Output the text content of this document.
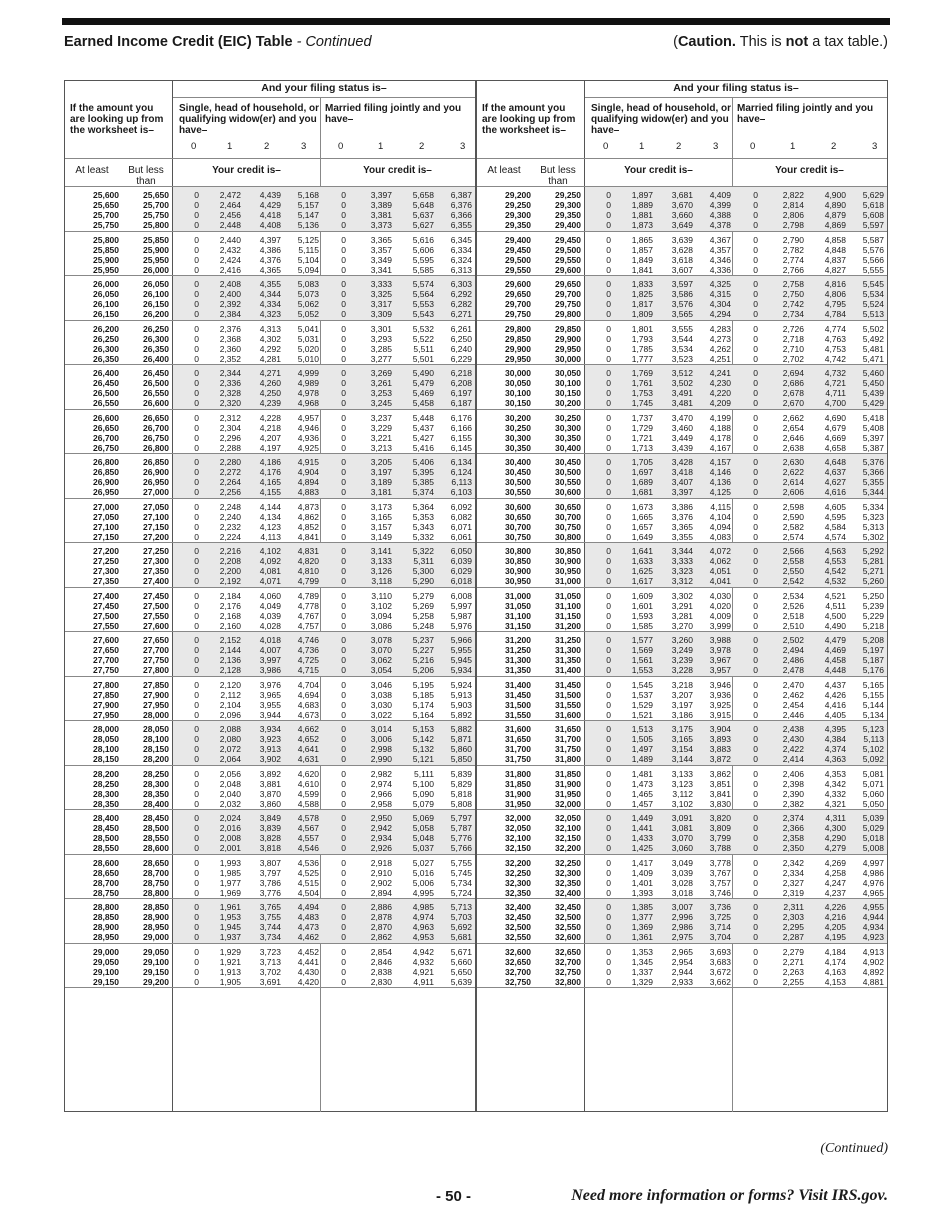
Earned Income Credit (EIC) Table - Continued	(Caution. This is not a tax table.)
And your filing status is–
If the amount you are looking up from the worksheet is–
Single, head of household, or qualifying widow(er) and you have–
Married filing jointly and you have–
0	1	2	3	0	1	2	3
At least	But less than
Your credit is–	Your credit is–
25,600	25,650	0	2,472	4,439	5,168	0	3,397	5,658	6,387
25,650	25,700	0	2,464	4,429	5,157	0	3,389	5,648	6,376
25,700	25,750	0	2,456	4,418	5,147	0	3,381	5,637	6,366
25,750	25,800	0	2,448	4,408	5,136	0	3,373	5,627	6,355
25,800	25,850	0	2,440	4,397	5,125	0	3,365	5,616	6,345
25,850	25,900	0	2,432	4,386	5,115	0	3,357	5,606	6,334
25,900	25,950	0	2,424	4,376	5,104	0	3,349	5,595	6,324
25,950	26,000	0	2,416	4,365	5,094	0	3,341	5,585	6,313
26,000	26,050	0	2,408	4,355	5,083	0	3,333	5,574	6,303
26,050	26,100	0	2,400	4,344	5,073	0	3,325	5,564	6,292
26,100	26,150	0	2,392	4,334	5,062	0	3,317	5,553	6,282
26,150	26,200	0	2,384	4,323	5,052	0	3,309	5,543	6,271
26,200	26,250	0	2,376	4,313	5,041	0	3,301	5,532	6,261
26,250	26,300	0	2,368	4,302	5,031	0	3,293	5,522	6,250
26,300	26,350	0	2,360	4,292	5,020	0	3,285	5,511	6,240
26,350	26,400	0	2,352	4,281	5,010	0	3,277	5,501	6,229
26,400	26,450	0	2,344	4,271	4,999	0	3,269	5,490	6,218
26,450	26,500	0	2,336	4,260	4,989	0	3,261	5,479	6,208
26,500	26,550	0	2,328	4,250	4,978	0	3,253	5,469	6,197
26,550	26,600	0	2,320	4,239	4,968	0	3,245	5,458	6,187
26,600	26,650	0	2,312	4,228	4,957	0	3,237	5,448	6,176
26,650	26,700	0	2,304	4,218	4,946	0	3,229	5,437	6,166
26,700	26,750	0	2,296	4,207	4,936	0	3,221	5,427	6,155
26,750	26,800	0	2,288	4,197	4,925	0	3,213	5,416	6,145
26,800	26,850	0	2,280	4,186	4,915	0	3,205	5,406	6,134
26,850	26,900	0	2,272	4,176	4,904	0	3,197	5,395	6,124
26,900	26,950	0	2,264	4,165	4,894	0	3,189	5,385	6,113
26,950	27,000	0	2,256	4,155	4,883	0	3,181	5,374	6,103
27,000	27,050	0	2,248	4,144	4,873	0	3,173	5,364	6,092
27,050	27,100	0	2,240	4,134	4,862	0	3,165	5,353	6,082
27,100	27,150	0	2,232	4,123	4,852	0	3,157	5,343	6,071
27,150	27,200	0	2,224	4,113	4,841	0	3,149	5,332	6,061
27,200	27,250	0	2,216	4,102	4,831	0	3,141	5,322	6,050
27,250	27,300	0	2,208	4,092	4,820	0	3,133	5,311	6,039
27,300	27,350	0	2,200	4,081	4,810	0	3,126	5,300	6,029
27,350	27,400	0	2,192	4,071	4,799	0	3,118	5,290	6,018
27,400	27,450	0	2,184	4,060	4,789	0	3,110	5,279	6,008
27,450	27,500	0	2,176	4,049	4,778	0	3,102	5,269	5,997
27,500	27,550	0	2,168	4,039	4,767	0	3,094	5,258	5,987
27,550	27,600	0	2,160	4,028	4,757	0	3,086	5,248	5,976
27,600	27,650	0	2,152	4,018	4,746	0	3,078	5,237	5,966
27,650	27,700	0	2,144	4,007	4,736	0	3,070	5,227	5,955
27,700	27,750	0	2,136	3,997	4,725	0	3,062	5,216	5,945
27,750	27,800	0	2,128	3,986	4,715	0	3,054	5,206	5,934
27,800	27,850	0	2,120	3,976	4,704	0	3,046	5,195	5,924
27,850	27,900	0	2,112	3,965	4,694	0	3,038	5,185	5,913
27,900	27,950	0	2,104	3,955	4,683	0	3,030	5,174	5,903
27,950	28,000	0	2,096	3,944	4,673	0	3,022	5,164	5,892
28,000	28,050	0	2,088	3,934	4,662	0	3,014	5,153	5,882
28,050	28,100	0	2,080	3,923	4,652	0	3,006	5,142	5,871
28,100	28,150	0	2,072	3,913	4,641	0	2,998	5,132	5,860
28,150	28,200	0	2,064	3,902	4,631	0	2,990	5,121	5,850
28,200	28,250	0	2,056	3,892	4,620	0	2,982	5,111	5,839
28,250	28,300	0	2,048	3,881	4,610	0	2,974	5,100	5,829
28,300	28,350	0	2,040	3,870	4,599	0	2,966	5,090	5,818
28,350	28,400	0	2,032	3,860	4,588	0	2,958	5,079	5,808
28,400	28,450	0	2,024	3,849	4,578	0	2,950	5,069	5,797
28,450	28,500	0	2,016	3,839	4,567	0	2,942	5,058	5,787
28,500	28,550	0	2,008	3,828	4,557	0	2,934	5,048	5,776
28,550	28,600	0	2,001	3,818	4,546	0	2,926	5,037	5,766
28,600	28,650	0	1,993	3,807	4,536	0	2,918	5,027	5,755
28,650	28,700	0	1,985	3,797	4,525	0	2,910	5,016	5,745
28,700	28,750	0	1,977	3,786	4,515	0	2,902	5,006	5,734
28,750	28,800	0	1,969	3,776	4,504	0	2,894	4,995	5,724
28,800	28,850	0	1,961	3,765	4,494	0	2,886	4,985	5,713
28,850	28,900	0	1,953	3,755	4,483	0	2,878	4,974	5,703
28,900	28,950	0	1,945	3,744	4,473	0	2,870	4,963	5,692
28,950	29,000	0	1,937	3,734	4,462	0	2,862	4,953	5,681
29,000	29,050	0	1,929	3,723	4,452	0	2,854	4,942	5,671
29,050	29,100	0	1,921	3,713	4,441	0	2,846	4,932	5,660
29,100	29,150	0	1,913	3,702	4,430	0	2,838	4,921	5,650
29,150	29,200	0	1,905	3,691	4,420	0	2,830	4,911	5,639
And your filing status is–
If the amount you are looking up from the worksheet is–
Single, head of household, or qualifying widow(er) and you have–
Married filing jointly and you have–
0	1	2	3	0	1	2	3
At least	But less than
Your credit is–	Your credit is–
29,200	29,250	0	1,897	3,681	4,409	0	2,822	4,900	5,629
29,250	29,300	0	1,889	3,670	4,399	0	2,814	4,890	5,618
29,300	29,350	0	1,881	3,660	4,388	0	2,806	4,879	5,608
29,350	29,400	0	1,873	3,649	4,378	0	2,798	4,869	5,597
29,400	29,450	0	1,865	3,639	4,367	0	2,790	4,858	5,587
29,450	29,500	0	1,857	3,628	4,357	0	2,782	4,848	5,576
29,500	29,550	0	1,849	3,618	4,346	0	2,774	4,837	5,566
29,550	29,600	0	1,841	3,607	4,336	0	2,766	4,827	5,555
29,600	29,650	0	1,833	3,597	4,325	0	2,758	4,816	5,545
29,650	29,700	0	1,825	3,586	4,315	0	2,750	4,806	5,534
29,700	29,750	0	1,817	3,576	4,304	0	2,742	4,795	5,524
29,750	29,800	0	1,809	3,565	4,294	0	2,734	4,784	5,513
29,800	29,850	0	1,801	3,555	4,283	0	2,726	4,774	5,502
29,850	29,900	0	1,793	3,544	4,273	0	2,718	4,763	5,492
29,900	29,950	0	1,785	3,534	4,262	0	2,710	4,753	5,481
29,950	30,000	0	1,777	3,523	4,251	0	2,702	4,742	5,471
30,000	30,050	0	1,769	3,512	4,241	0	2,694	4,732	5,460
30,050	30,100	0	1,761	3,502	4,230	0	2,686	4,721	5,450
30,100	30,150	0	1,753	3,491	4,220	0	2,678	4,711	5,439
30,150	30,200	0	1,745	3,481	4,209	0	2,670	4,700	5,429
30,200	30,250	0	1,737	3,470	4,199	0	2,662	4,690	5,418
30,250	30,300	0	1,729	3,460	4,188	0	2,654	4,679	5,408
30,300	30,350	0	1,721	3,449	4,178	0	2,646	4,669	5,397
30,350	30,400	0	1,713	3,439	4,167	0	2,638	4,658	5,387
30,400	30,450	0	1,705	3,428	4,157	0	2,630	4,648	5,376
30,450	30,500	0	1,697	3,418	4,146	0	2,622	4,637	5,366
30,500	30,550	0	1,689	3,407	4,136	0	2,614	4,627	5,355
30,550	30,600	0	1,681	3,397	4,125	0	2,606	4,616	5,344
30,600	30,650	0	1,673	3,386	4,115	0	2,598	4,605	5,334
30,650	30,700	0	1,665	3,376	4,104	0	2,590	4,595	5,323
30,700	30,750	0	1,657	3,365	4,094	0	2,582	4,584	5,313
30,750	30,800	0	1,649	3,355	4,083	0	2,574	4,574	5,302
30,800	30,850	0	1,641	3,344	4,072	0	2,566	4,563	5,292
30,850	30,900	0	1,633	3,333	4,062	0	2,558	4,553	5,281
30,900	30,950	0	1,625	3,323	4,051	0	2,550	4,542	5,271
30,950	31,000	0	1,617	3,312	4,041	0	2,542	4,532	5,260
31,000	31,050	0	1,609	3,302	4,030	0	2,534	4,521	5,250
31,050	31,100	0	1,601	3,291	4,020	0	2,526	4,511	5,239
31,100	31,150	0	1,593	3,281	4,009	0	2,518	4,500	5,229
31,150	31,200	0	1,585	3,270	3,999	0	2,510	4,490	5,218
31,200	31,250	0	1,577	3,260	3,988	0	2,502	4,479	5,208
31,250	31,300	0	1,569	3,249	3,978	0	2,494	4,469	5,197
31,300	31,350	0	1,561	3,239	3,967	0	2,486	4,458	5,187
31,350	31,400	0	1,553	3,228	3,957	0	2,478	4,448	5,176
31,400	31,450	0	1,545	3,218	3,946	0	2,470	4,437	5,165
31,450	31,500	0	1,537	3,207	3,936	0	2,462	4,426	5,155
31,500	31,550	0	1,529	3,197	3,925	0	2,454	4,416	5,144
31,550	31,600	0	1,521	3,186	3,915	0	2,446	4,405	5,134
31,600	31,650	0	1,513	3,175	3,904	0	2,438	4,395	5,123
31,650	31,700	0	1,505	3,165	3,893	0	2,430	4,384	5,113
31,700	31,750	0	1,497	3,154	3,883	0	2,422	4,374	5,102
31,750	31,800	0	1,489	3,144	3,872	0	2,414	4,363	5,092
31,800	31,850	0	1,481	3,133	3,862	0	2,406	4,353	5,081
31,850	31,900	0	1,473	3,123	3,851	0	2,398	4,342	5,071
31,900	31,950	0	1,465	3,112	3,841	0	2,390	4,332	5,060
31,950	32,000	0	1,457	3,102	3,830	0	2,382	4,321	5,050
32,000	32,050	0	1,449	3,091	3,820	0	2,374	4,311	5,039
32,050	32,100	0	1,441	3,081	3,809	0	2,366	4,300	5,029
32,100	32,150	0	1,433	3,070	3,799	0	2,358	4,290	5,018
32,150	32,200	0	1,425	3,060	3,788	0	2,350	4,279	5,008
32,200	32,250	0	1,417	3,049	3,778	0	2,342	4,269	4,997
32,250	32,300	0	1,409	3,039	3,767	0	2,334	4,258	4,986
32,300	32,350	0	1,401	3,028	3,757	0	2,327	4,247	4,976
32,350	32,400	0	1,393	3,018	3,746	0	2,319	4,237	4,965
32,400	32,450	0	1,385	3,007	3,736	0	2,311	4,226	4,955
32,450	32,500	0	1,377	2,996	3,725	0	2,303	4,216	4,944
32,500	32,550	0	1,369	2,986	3,714	0	2,295	4,205	4,934
32,550	32,600	0	1,361	2,975	3,704	0	2,287	4,195	4,923
32,600	32,650	0	1,353	2,965	3,693	0	2,279	4,184	4,913
32,650	32,700	0	1,345	2,954	3,683	0	2,271	4,174	4,902
32,700	32,750	0	1,337	2,944	3,672	0	2,263	4,163	4,892
32,750	32,800	0	1,329	2,933	3,662	0	2,255	4,153	4,881
(Continued)
- 50 -	Need more information or forms? Visit IRS.gov.
